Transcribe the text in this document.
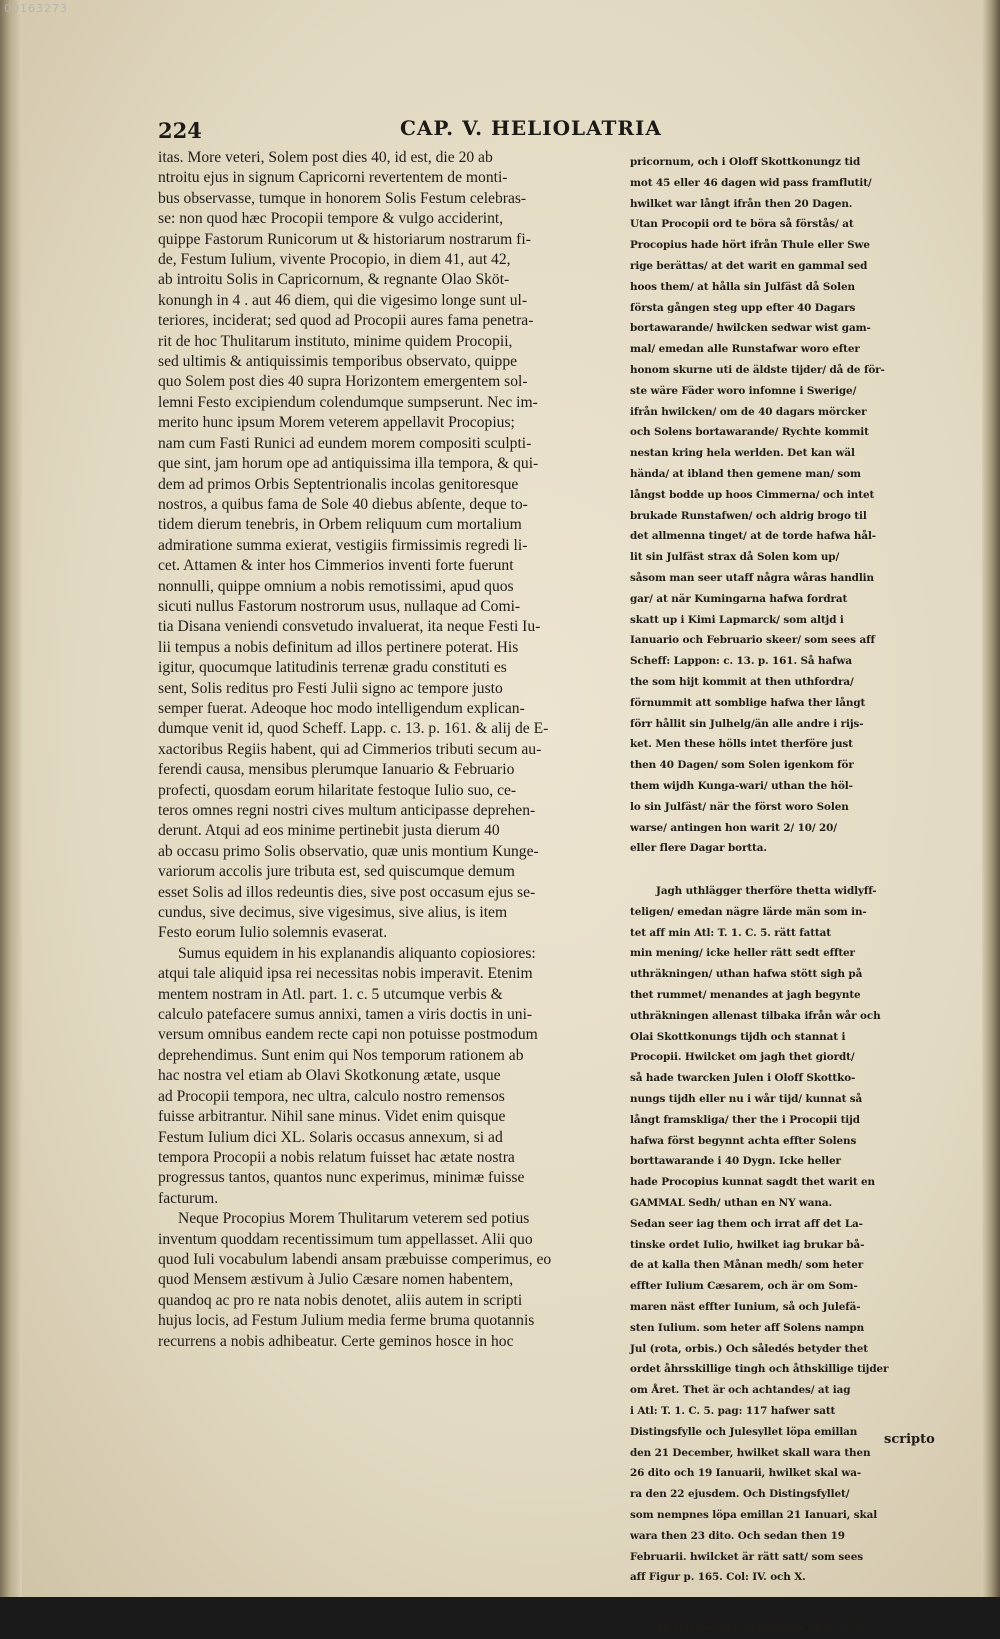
00163273
224	CAP. V. HELIOLATRIA

itas. More veteri, Solem post dies 40, id est, die 20 ab

ntroitu ejus in signum Capricorni revertentem de monti-

bus observasse, tumque in honorem Solis Festum celebras-

se: non quod hæc Procopii tempore & vulgo acciderint,

quippe Fastorum Runicorum ut & historiarum nostrarum fi-

de, Festum Iulium, vivente Procopio, in diem 41, aut 42,

ab introitu Solis in Capricornum, & regnante Olao Sköt-

konungh in 4 . aut 46 diem, qui die vigesimo longe sunt ul-

teriores, inciderat; sed quod ad Procopii aures fama penetra-

rit de hoc Thulitarum instituto, minime quidem Procopii,

sed ultimis & antiquissimis temporibus observato, quippe

quo Solem post dies 40 supra Horizontem emergentem sol-

lemni Festo excipiendum colendumque sumpserunt. Nec im-

merito hunc ipsum Morem veterem appellavit Procopius;

nam cum Fasti Runici ad eundem morem compositi sculpti-

que sint, jam horum ope ad antiquissima illa tempora, & qui-

dem ad primos Orbis Septentrionalis incolas genitoresque

nostros, a quibus fama de Sole 40 diebus abſente, deque to-

tidem dierum tenebris, in Orbem reliquum cum mortalium

admiratione summa exierat, vestigiis firmissimis regredi li-

cet. Attamen & inter hos Cimmerios inventi forte fuerunt

nonnulli, quippe omnium a nobis remotissimi, apud quos

sicuti nullus Fastorum nostrorum usus, nullaque ad Comi-

tia Disana veniendi consvetudo invaluerat, ita neque Festi Iu-

lii tempus a nobis definitum ad illos pertinere poterat. His

igitur, quocumque latitudinis terrenæ gradu constituti es

sent, Solis reditus pro Festi Julii signo ac tempore justo

semper fuerat. Adeoque hoc modo intelligendum explican-

dumque venit id, quod Scheff. Lapp. c. 13. p. 161. & alij de E-

xactoribus Regiis habent, qui ad Cimmerios tributi secum au-

ferendi causa, mensibus plerumque Ianuario & Februario

profecti, quosdam eorum hilaritate festoque Iulio suo, ce-

teros omnes regni nostri cives multum anticipasse deprehen-

derunt. Atqui ad eos minime pertinebit justa dierum 40

ab occasu primo Solis observatio, quæ unis montium Kunge-

variorum accolis jure tributa est, sed quiscumque demum

esset Solis ad illos redeuntis dies, sive post occasum ejus se-

cundus, sive decimus, sive vigesimus, sive alius, is item

Festo eorum Iulio solemnis evaserat.

Sumus equidem in his explanandis aliquanto copiosiores:

atqui tale aliquid ipsa rei necessitas nobis imperavit. Etenim

mentem nostram in Atl. part. 1. c. 5 utcumque verbis &

calculo patefacere sumus annixi, tamen a viris doctis in uni-

versum omnibus eandem recte capi non potuisse postmodum

deprehendimus. Sunt enim qui Nos temporum rationem ab

hac nostra vel etiam ab Olavi Skotkonung ætate, usque

ad Procopii tempora, nec ultra, calculo nostro remensos

fuisse arbitrantur. Nihil sane minus. Videt enim quisque

Festum Iulium dici XL. Solaris occasus annexum, si ad

tempora Procopii a nobis relatum fuisset hac ætate nostra

progressus tantos, quantos nunc experimus, minimæ fuisse

facturum.

Neque Procopius Morem Thulitarum veterem sed potius

inventum quoddam recentissimum tum appellasset. Alii quo

quod Iuli vocabulum labendi ansam præbuisse comperimus, eo

quod Mensem æstivum à Julio Cæsare nomen habentem,

quandoq ac pro re nata nobis denotet, aliis autem in scripti

hujus locis, ad Festum Julium media ferme bruma quotannis

recurrens a nobis adhibeatur. Certe geminos hosce in hoc

pricornum, och i Oloff Skottkonungz tid

mot 45 eller 46 dagen wid pass framflutit/

hwilket war långt ifrån then 20 Dagen.

Utan Procopii ord te böra så förstås/ at

Procopius hade hört ifrån Thule eller Swe

rige berättas/ at det warit en gammal sed

hoos them/ at hålla sin Julfäst då Solen

första gången steg upp efter 40 Dagars

bortawarande/ hwilcken sedwar wist gam-

mal/ emedan alle Runstafwar woro efter

honom skurne uti de äldste tijder/ då de för-

ste wäre Fäder woro infomne i Swerige/

ifrån hwilcken/ om de 40 dagars mörcker

och Solens bortawarande/ Rychte kommit

nestan kring hela werlden. Det kan wäl

hända/ at ibland then gemene man/ som

långst bodde up hoos Cimmerna/ och intet

brukade Runstafwen/ och aldrig brogo til

det allmenna tinget/ at de torde hafwa hål-

lit sin Julfäst strax då Solen kom up/

såsom man seer utaff några wåras handlin

gar/ at när Kumingarna hafwa fordrat

skatt up i Kimi Lapmarck/ som altjd i

Ianuario och Februario skeer/ som sees aff

Scheff: Lappon: c. 13. p. 161. Så hafwa

the som hijt kommit at then uthfordra/

förnummit att somblige hafwa ther långt

förr hållit sin Julhelg/än alle andre i rijs-

ket. Men these hölls intet therföre just

then 40 Dagen/ som Solen igenkom för

them wijdh Kunga-wari/ uthan the höl-

lo sin Julfäst/ när the först woro Solen

warse/ antingen hon warit 2/ 10/ 20/

eller flere Dagar bortta.

Jagh uthlägger therföre thetta widlyff-

teligen/ emedan nägre lärde män som in-

tet aff min Atl: T. 1. C. 5. rätt fattat

min mening/ icke heller rätt sedt effter

uthräkningen/ uthan hafwa stött sigh på

thet rummet/ menandes at jagh begynte

uthräkningen allenast tilbaka ifrån wår och

Olai Skottkonungs tijdh och stannat i

Procopii. Hwilcket om jagh thet giordt/

så hade twarcken Julen i Oloff Skottko-

nungs tijdh eller nu i wår tijd/ kunnat så

långt framskliga/ ther the i Procopii tijd

hafwa först begynnt achta effter Solens

borttawarande i 40 Dygn. Icke heller

hade Procopius kunnat sagdt thet warit en

GAMMAL Sedh/ uthan en NY wana.

Sedan seer iag them och irrat aff det La-

tinske ordet Iulio, hwilket iag brukar bå-

de at kalla then Månan medh/ som heter

effter Iulium Cæsarem, och är om Som-

maren näst effter Iunium, så och Julefä-

sten Iulium. som heter aff Solens nampn

Jul (rota, orbis.) Och såledés betyder thet

ordet åhrsskillige tingh och åthskillige tijder

om Året. Thet är och achtandes/ at iag

i Atl: T. 1. C. 5. pag: 117 hafwer satt

Distingsfylle och Julesyllet löpa emillan

den 21 December, hwilket skall wara then

26 dito och 19 Ianuarii, hwilket skal wa-

ra den 22 ejusdem. Och Distingsfyllet/

som nempnes löpa emillan 21 Ianuari, skal

wara then 23 dito. Och sedan then 19

Februarii. hwilcket är rätt satt/ som sees

aff Figur p. 165. Col: IV. och X.

Är såledés wisst thet iagh i T. 1. C. 5.

scripto
